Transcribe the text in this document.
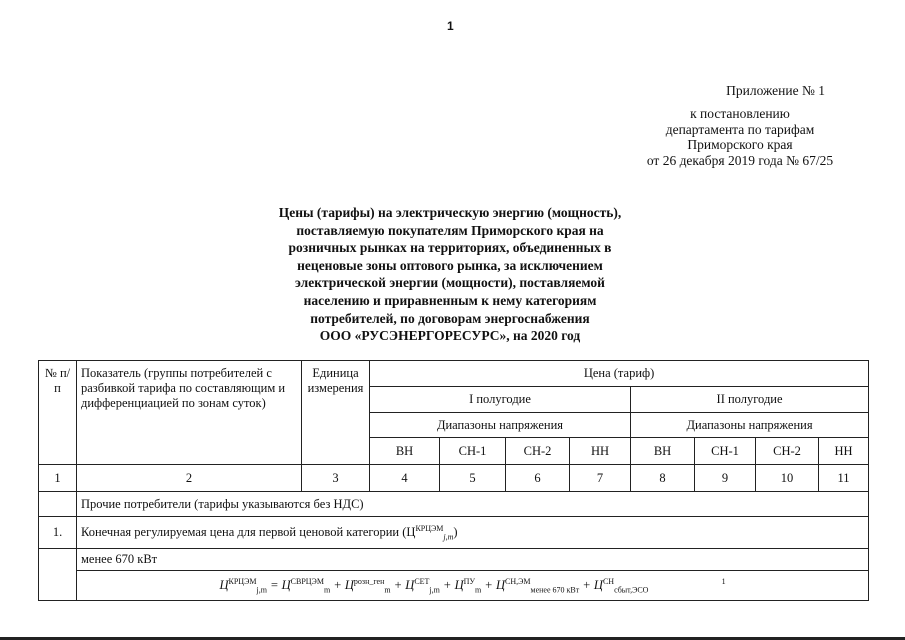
1
Приложение № 1
к постановлению
департамента по тарифам
Приморского края
от 26 декабря 2019 года № 67/25
Цены (тарифы) на электрическую энергию (мощность),
поставляемую покупателям Приморского края на
розничных рынках на территориях, объединенных в
неценовые зоны оптового рынка, за исключением
электрической энергии (мощности), поставляемой
населению и приравненным к нему категориям
потребителей, по договорам энергоснабжения
ООО «РУСЭНЕРГОРЕСУРС», на 2020 год
№ п/п	Показатель (группы потребителей с разбивкой тарифа по составляющим и дифференциацией по зонам суток)	Единица измерения	Цена (тариф)							
			I полугодие				II полугодие			
			Диапазоны напряжения				Диапазоны напряжения			
			ВН	СН-1	СН-2	НН	ВН	СН-1	СН-2	НН
1	2	3	4	5	6	7	8	9	10	11
	Прочие потребители (тарифы указываются без НДС)									
1.	Конечная регулируемая цена для первой ценовой категории $(Ц^{КРЦЭМ}_{j,m})$									
	менее 670 кВт									
	$Ц^{КРЦЭМ}_{j,m} = Ц^{СВРЦЭМ}_m + Ц^{розн\_ген}_m + Ц^{СЕТ}_{j,m} + Ц^{ПУ}_m + Ц^{СН,ЭМ}_{менее 670 кВт} + Ц^{СН}_{сбыт,ЭСО}$ $^1$
